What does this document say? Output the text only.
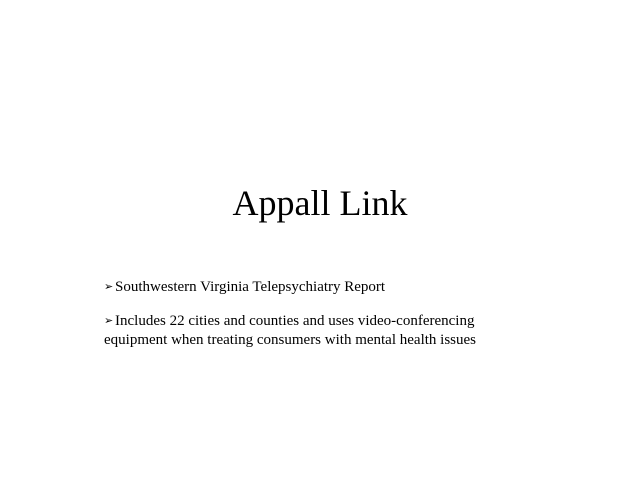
Appall Link
➢ Southwestern Virginia Telepsychiatry Report
➢ Includes 22 cities and counties and uses video-conferencing equipment when treating consumers with mental health issues
